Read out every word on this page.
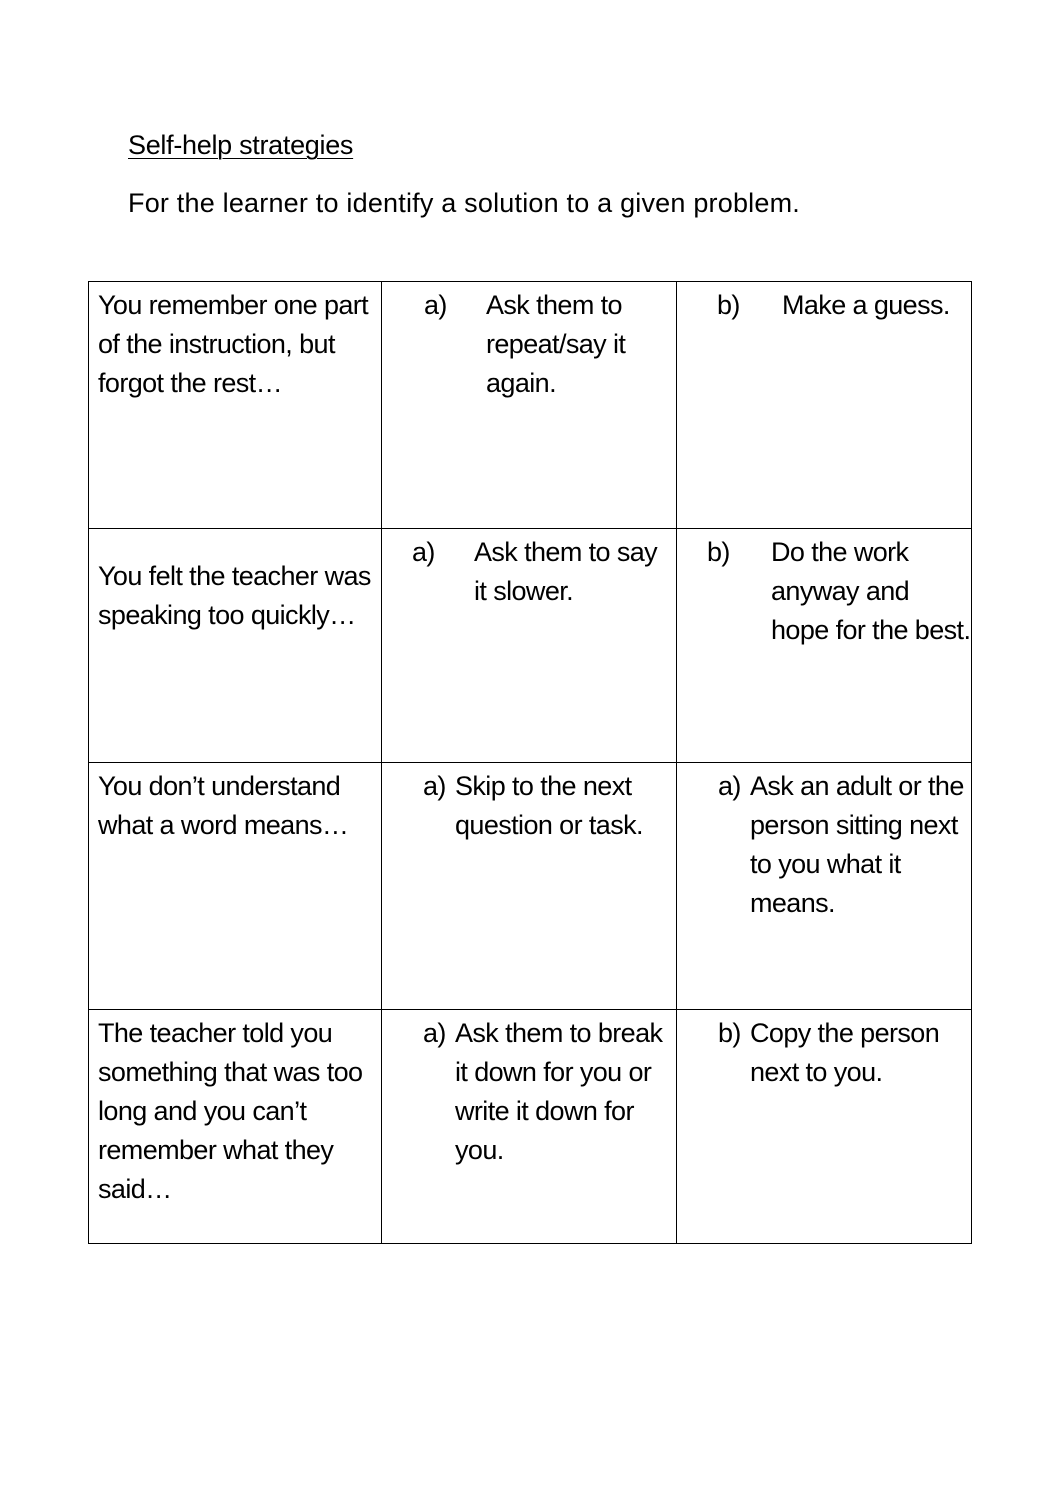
Self-help strategies
For the learner to identify a solution to a given problem.
You remember one part of the instruction, but forgot the rest…	a) Ask them to repeat/say it again.	b) Make a guess.

You felt the teacher was speaking too quickly…	a) Ask them to say it slower.	b) Do the work anyway and hope for the best.

You don’t understand what a word means…	a) Skip to the next question or task.	a) Ask an adult or the person sitting next to you what it means.

The teacher told you something that was too long and you can’t remember what they said…	a) Ask them to break it down for you or write it down for you.	b) Copy the person next to you.
